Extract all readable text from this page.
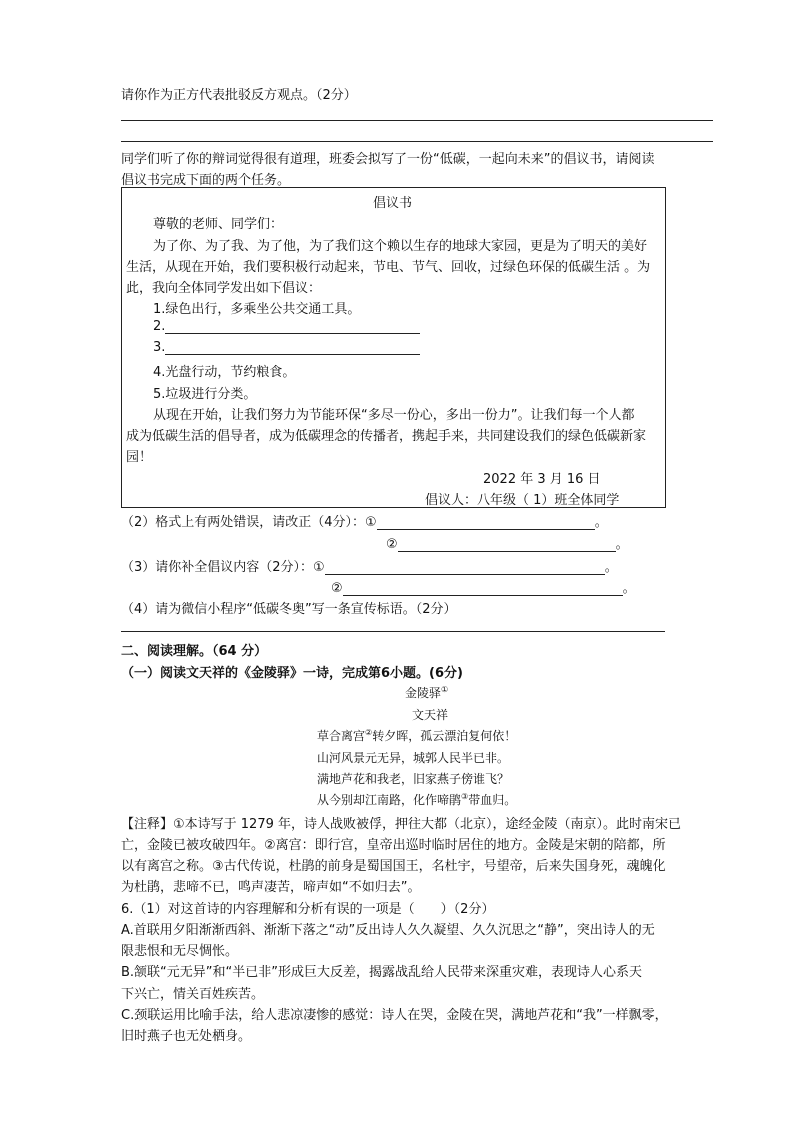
请你作为正方代表批驳反方观点。（2分）
同学们听了你的辩词觉得很有道理，班委会拟写了一份“低碳，一起向未来”的倡议书，请阅读
倡议书完成下面的两个任务。
倡议书
尊敬的老师、同学们：
为了你、为了我、为了他，为了我们这个赖以生存的地球大家园，更是为了明天的美好
生活，从现在开始，我们要积极行动起来，节电、节气、回收，过绿色环保的低碳生活 。为
此，我向全体同学发出如下倡议：
1.绿色出行，多乘坐公共交通工具。
2.
3.
4.光盘行动，节约粮食。
5.垃圾进行分类。
从现在开始，让我们努力为节能环保“多尽一份心，多出一份力”。让我们每一个人都
成为低碳生活的倡导者，成为低碳理念的传播者，携起手来，共同建设我们的绿色低碳新家
园！
2022 年 3 月 16 日
倡议人：八年级（ 1）班全体同学
（2）格式上有两处错误，请改正（4分）：①	。
②	。
（3）请你补全倡议内容（2分）：①	。
②	。
（4）请为微信小程序“低碳冬奥”写一条宣传标语。（2分）
二、阅读理解。（64 分）
（一）阅读文天祥的《金陵驿》一诗，完成第6小题。(6分)
金陵驿①
文天祥
草合离宫②转夕晖，孤云漂泊复何依！
山河风景元无异，城郭人民半已非。
满地芦花和我老，旧家燕子傍谁飞？
从今别却江南路，化作啼鹃③带血归。
【注释】①本诗写于 1279 年，诗人战败被俘，押往大都（北京），途经金陵（南京）。此时南宋已
亡，金陵已被攻破四年。②离宫：即行宫，皇帝出巡时临时居住的地方。金陵是宋朝的陪都，所
以有离宫之称。③古代传说，杜鹃的前身是蜀国国王，名杜宇，号望帝，后来失国身死，魂魄化
为杜鹃，悲啼不已，鸣声凄苦，啼声如“不如归去”。
6.（1）对这首诗的内容理解和分析有误的一项是（　　）（2分）
A.首联用夕阳渐渐西斜、渐渐下落之“动”反出诗人久久凝望、久久沉思之“静”，突出诗人的无
限悲恨和无尽惆怅。
B.颔联“元无异”和“半已非”形成巨大反差，揭露战乱给人民带来深重灾难，表现诗人心系天
下兴亡，情关百姓疾苦。
C.颈联运用比喻手法，给人悲凉凄惨的感觉：诗人在哭，金陵在哭，满地芦花和“我”一样飘零，
旧时燕子也无处栖身。
